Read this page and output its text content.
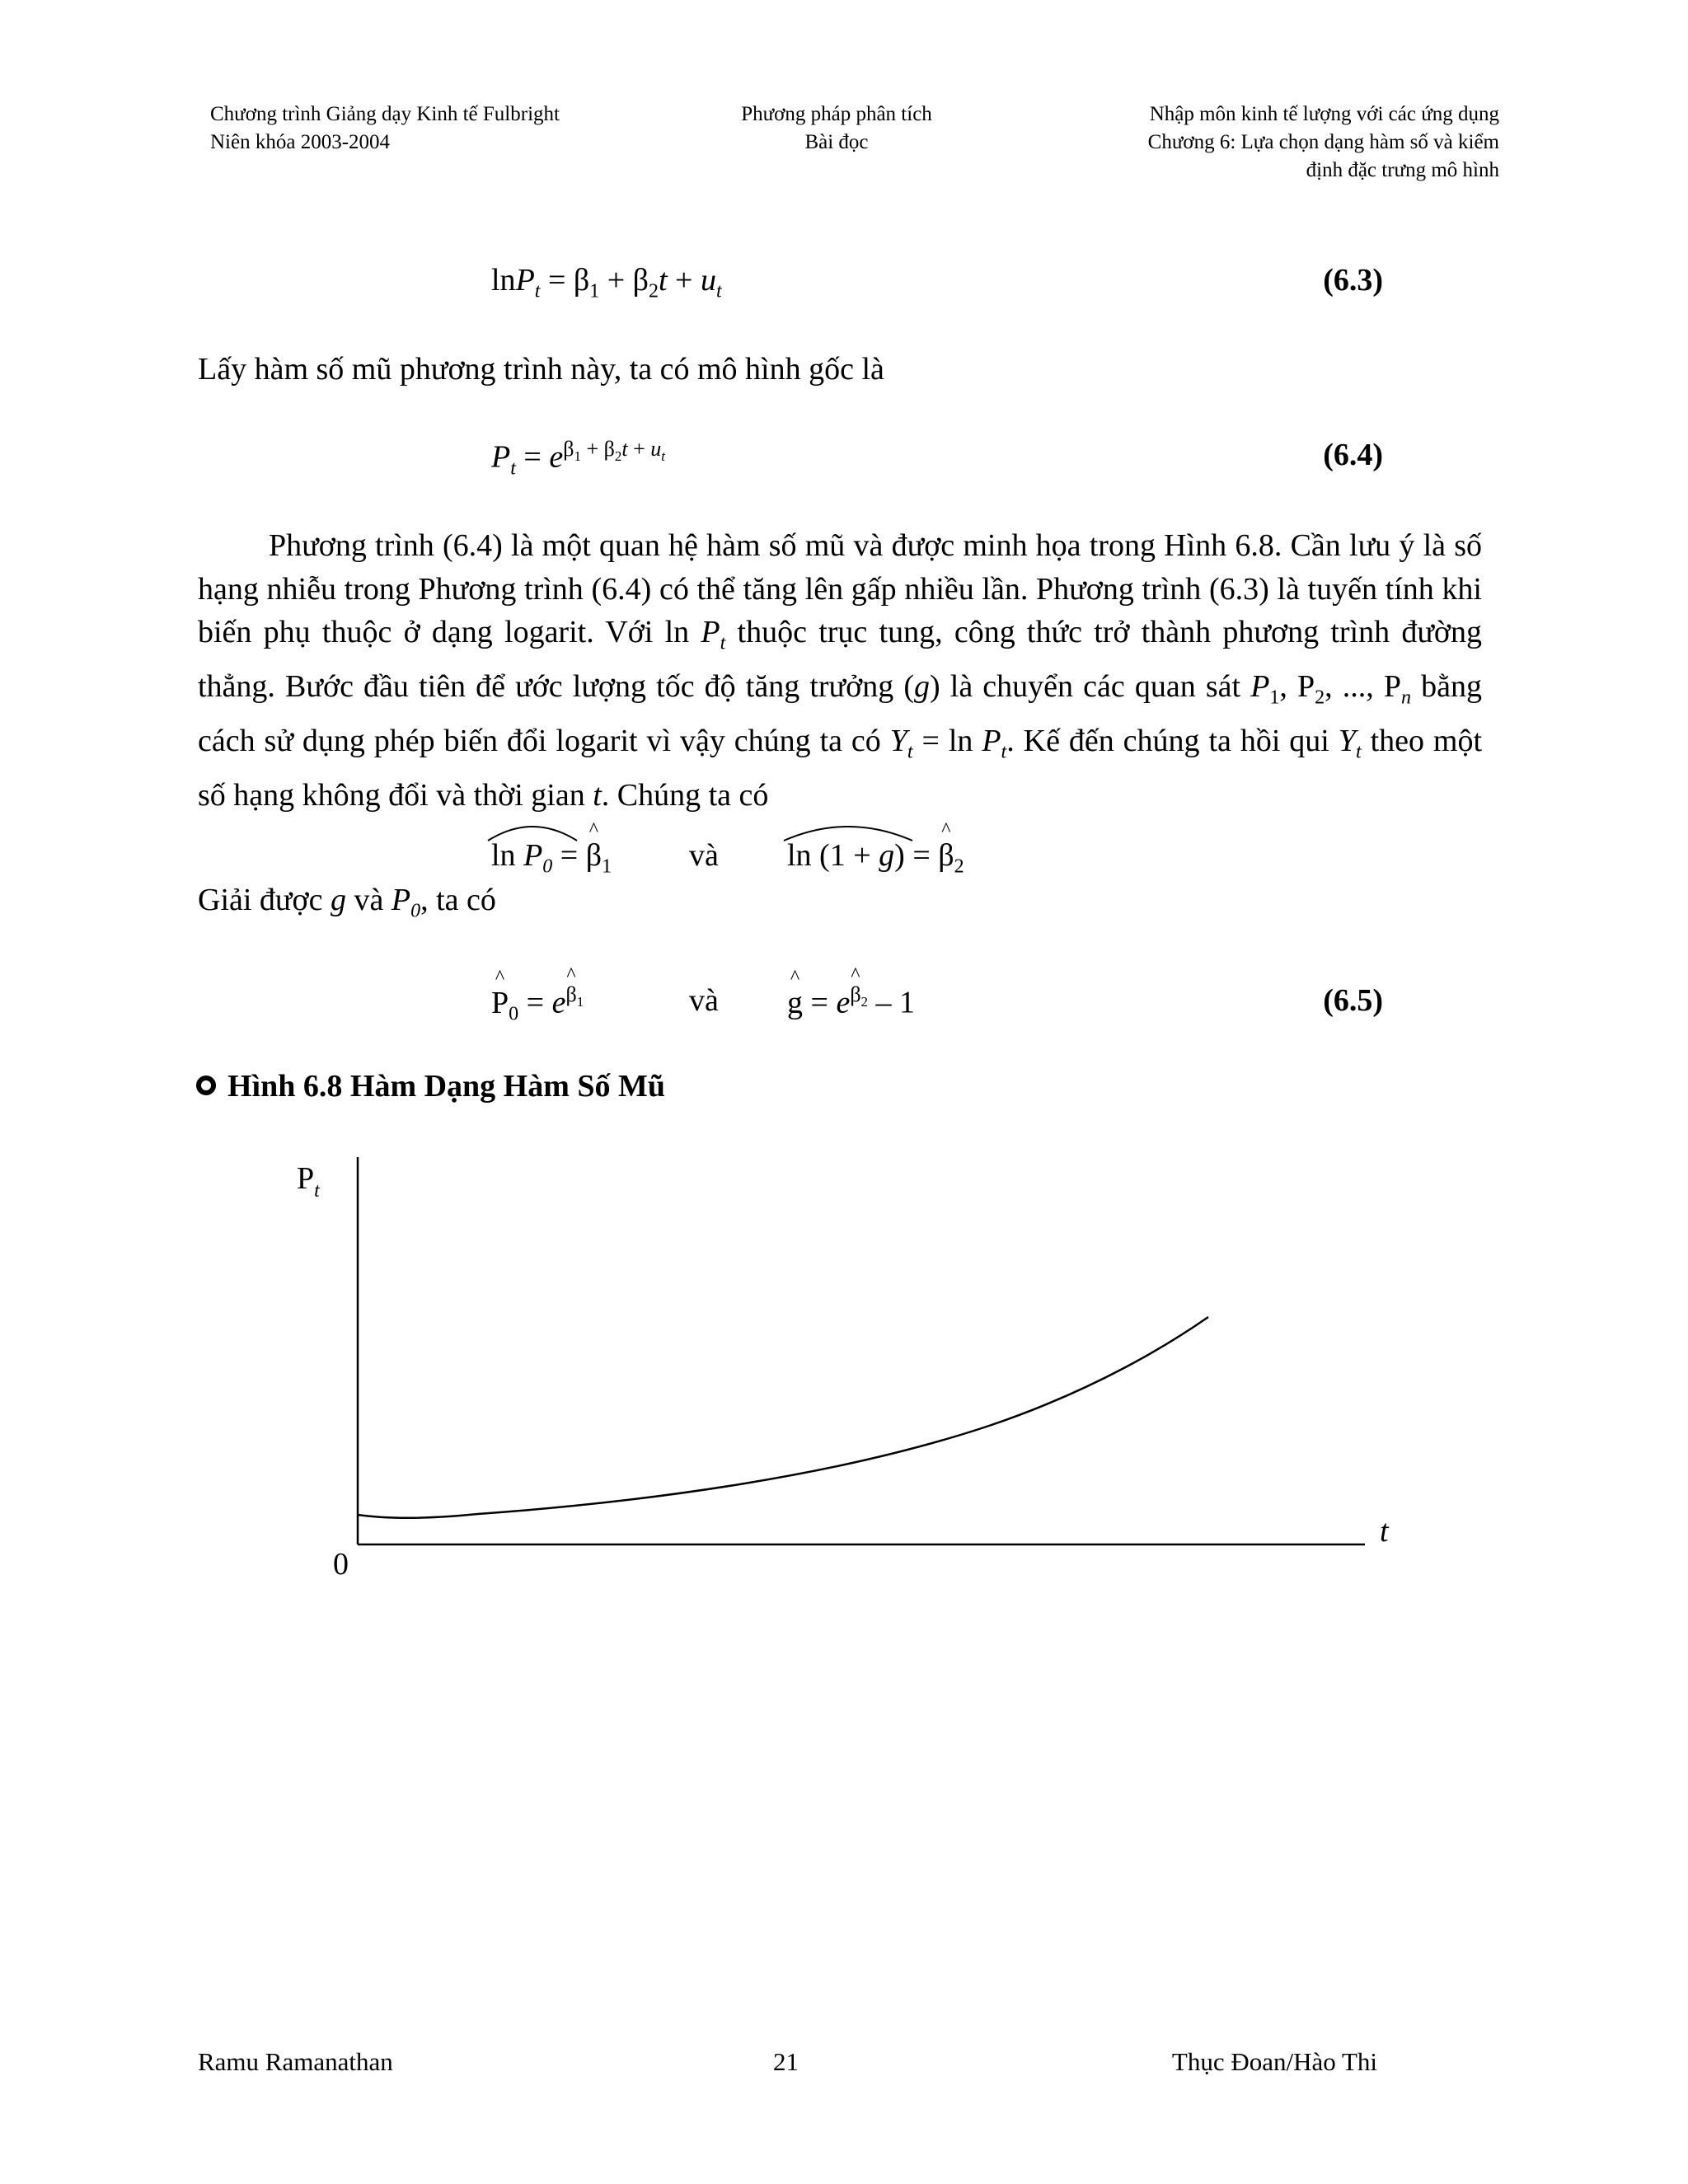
Chương trình Giảng dạy Kinh tế Fulbright
Niên khóa 2003-2004
Phương pháp phân tích
Bài đọc
Nhập môn kinh tế lượng với các ứng dụng
Chương 6: Lựa chọn dạng hàm số và kiểm
định đặc trưng mô hình
$\ln P_t = \beta_1 + \beta_2t + u_t$	(6.3)
Lấy hàm số mũ phương trình này, ta có mô hình gốc là
$P_t = e^{\beta_1 + \beta_2t + u_t}$	(6.4)

Phương trình (6.4) là một quan hệ hàm số mũ và được minh họa trong Hình 6.8. Cần lưu ý là số hạng nhiễu trong Phương trình (6.4) có thể tăng lên gấp nhiều lần. Phương trình (6.3) là tuyến tính khi biến phụ thuộc ở dạng logarit. Với $\ln P_t$ thuộc trục tung, công thức trở thành phương trình đường thẳng. Bước đầu tiên để ước lượng tốc độ tăng trưởng (g) là chuyển các quan sát $P_1$, $P_2$, ..., $P_n$ bằng cách sử dụng phép biến đổi logarit vì vậy chúng ta có $Y_t = \ln P_t$. Kế đến chúng ta hồi qui $Y_t$ theo một số hạng không đổi và thời gian t. Chúng ta có

$\ln P_0$
= ^ $\beta_1$ và ln (1 + g)
= ^ $\beta_2$
Giải được g và $P_0$, ta có
^ $P_0$ = e^ $^{\beta_1}$	và
^ g = e^ $^{\beta_2}$ – 1	(6.5)
Hình 6.8 Hàm Dạng Hàm Số Mũ
$P_t$
t
0
Ramu Ramanathan	21	Thục Đoan/Hào Thi
